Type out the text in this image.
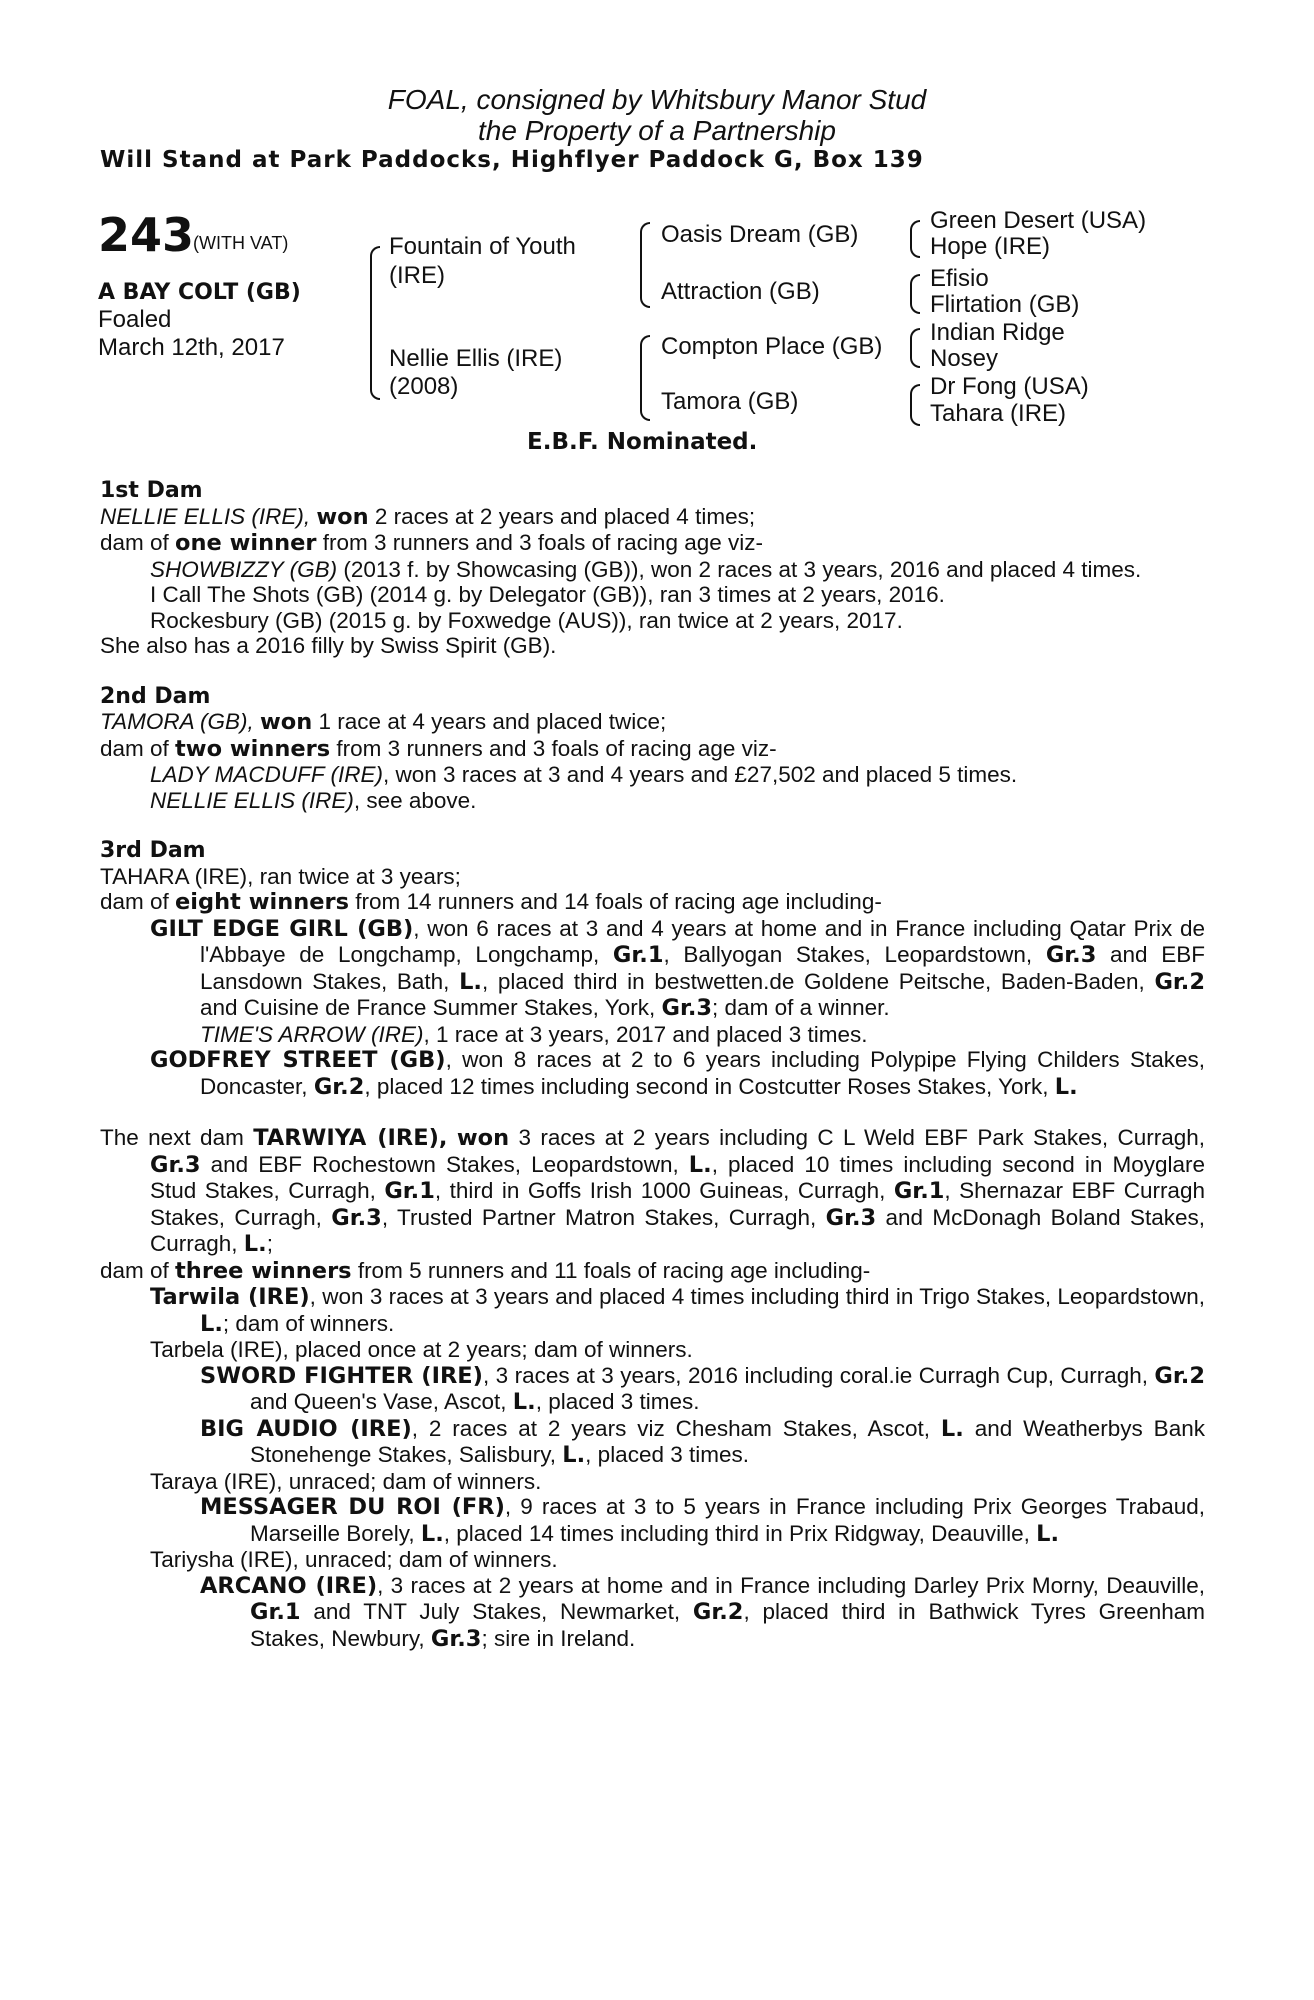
FOAL, consigned by Whitsbury Manor Stud
the Property of a Partnership
Will Stand at Park Paddocks, Highflyer Paddock G, Box 139
243
(WITH VAT)
A BAY COLT (GB)
Foaled
March 12th, 2017
Fountain of Youth
(IRE)
Nellie Ellis (IRE)
(2008)
Oasis Dream (GB)
Attraction (GB)
Compton Place (GB)
Tamora (GB)
Green Desert (USA)
Hope (IRE)
Efisio
Flirtation (GB)
Indian Ridge
Nosey
Dr Fong (USA)
Tahara (IRE)
E.B.F. Nominated.

1st Dam

NELLIE ELLIS (IRE), won 2 races at 2 years and placed 4 times;

dam of one winner from 3 runners and 3 foals of racing age viz-

SHOWBIZZY (GB) (2013 f. by Showcasing (GB)), won 2 races at 3 years, 2016 and placed 4 times.

I Call The Shots (GB) (2014 g. by Delegator (GB)), ran 3 times at 2 years, 2016.

Rockesbury (GB) (2015 g. by Foxwedge (AUS)), ran twice at 2 years, 2017.

She also has a 2016 filly by Swiss Spirit (GB).

2nd Dam

TAMORA (GB), won 1 race at 4 years and placed twice;

dam of two winners from 3 runners and 3 foals of racing age viz-

LADY MACDUFF (IRE), won 3 races at 3 and 4 years and £27,502 and placed 5 times.

NELLIE ELLIS (IRE), see above.

3rd Dam

TAHARA (IRE), ran twice at 3 years;

dam of eight winners from 14 runners and 14 foals of racing age including-

GILT EDGE GIRL (GB), won 6 races at 3 and 4 years at home and in France including Qatar Prix de l'Abbaye de Longchamp, Longchamp, Gr.1, Ballyogan Stakes, Leopardstown, Gr.3 and EBF Lansdown Stakes, Bath, L., placed third in bestwetten.de Goldene Peitsche, Baden-Baden, Gr.2 and Cuisine de France Summer Stakes, York, Gr.3; dam of a winner.

TIME'S ARROW (IRE), 1 race at 3 years, 2017 and placed 3 times.

GODFREY STREET (GB), won 8 races at 2 to 6 years including Polypipe Flying Childers Stakes, Doncaster, Gr.2, placed 12 times including second in Costcutter Roses Stakes, York, L.

The next dam TARWIYA (IRE), won 3 races at 2 years including C L Weld EBF Park Stakes, Curragh, Gr.3 and EBF Rochestown Stakes, Leopardstown, L., placed 10 times including second in Moyglare Stud Stakes, Curragh, Gr.1, third in Goffs Irish 1000 Guineas, Curragh, Gr.1, Shernazar EBF Curragh Stakes, Curragh, Gr.3, Trusted Partner Matron Stakes, Curragh, Gr.3 and McDonagh Boland Stakes, Curragh, L.;

dam of three winners from 5 runners and 11 foals of racing age including-

Tarwila (IRE), won 3 races at 3 years and placed 4 times including third in Trigo Stakes, Leopardstown, L.; dam of winners.

Tarbela (IRE), placed once at 2 years; dam of winners.

SWORD FIGHTER (IRE), 3 races at 3 years, 2016 including coral.ie Curragh Cup, Curragh, Gr.2 and Queen's Vase, Ascot, L., placed 3 times.

BIG AUDIO (IRE), 2 races at 2 years viz Chesham Stakes, Ascot, L. and Weatherbys Bank Stonehenge Stakes, Salisbury, L., placed 3 times.

Taraya (IRE), unraced; dam of winners.

MESSAGER DU ROI (FR), 9 races at 3 to 5 years in France including Prix Georges Trabaud, Marseille Borely, L., placed 14 times including third in Prix Ridgway, Deauville, L.

Tariysha (IRE), unraced; dam of winners.

ARCANO (IRE), 3 races at 2 years at home and in France including Darley Prix Morny, Deauville, Gr.1 and TNT July Stakes, Newmarket, Gr.2, placed third in Bathwick Tyres Greenham Stakes, Newbury, Gr.3; sire in Ireland.
